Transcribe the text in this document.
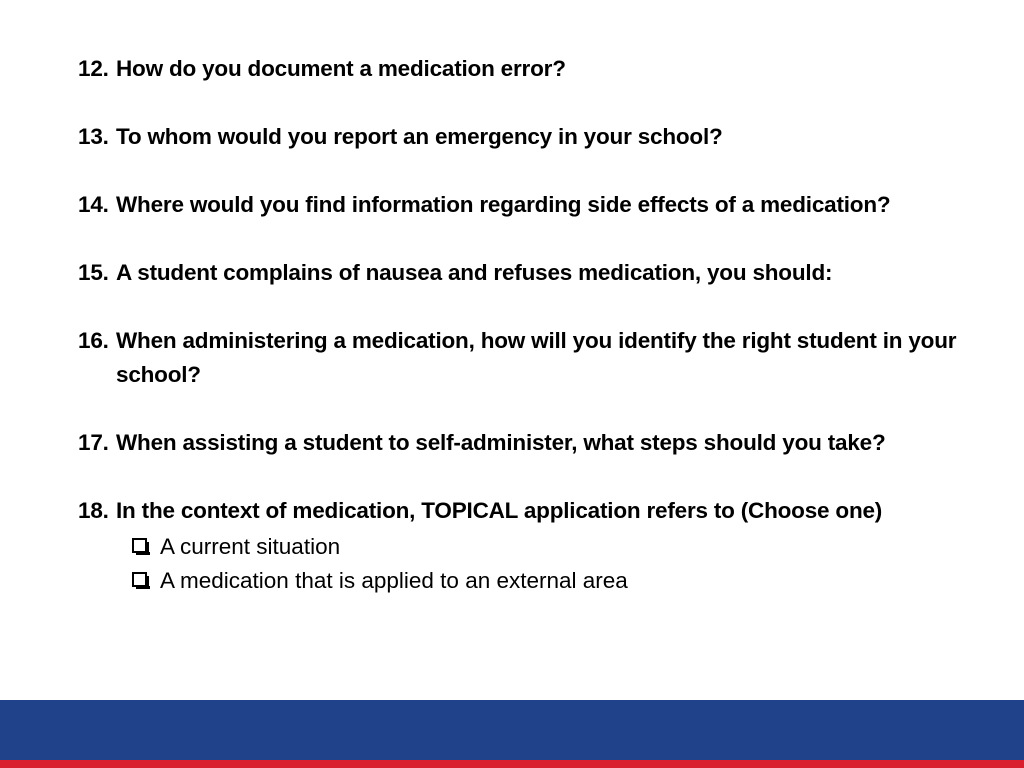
12. How do you document a medication error?
13. To whom would you report an emergency in your school?
14. Where would you find information regarding side effects of a medication?
15. A student complains of nausea and refuses medication, you should:
16. When administering a medication, how will you identify the right student in your school?
17. When assisting a student to self-administer, what steps should you take?
18. In the context of medication, TOPICAL application refers to (Choose one)
A current situation
A medication that is applied to an external area
